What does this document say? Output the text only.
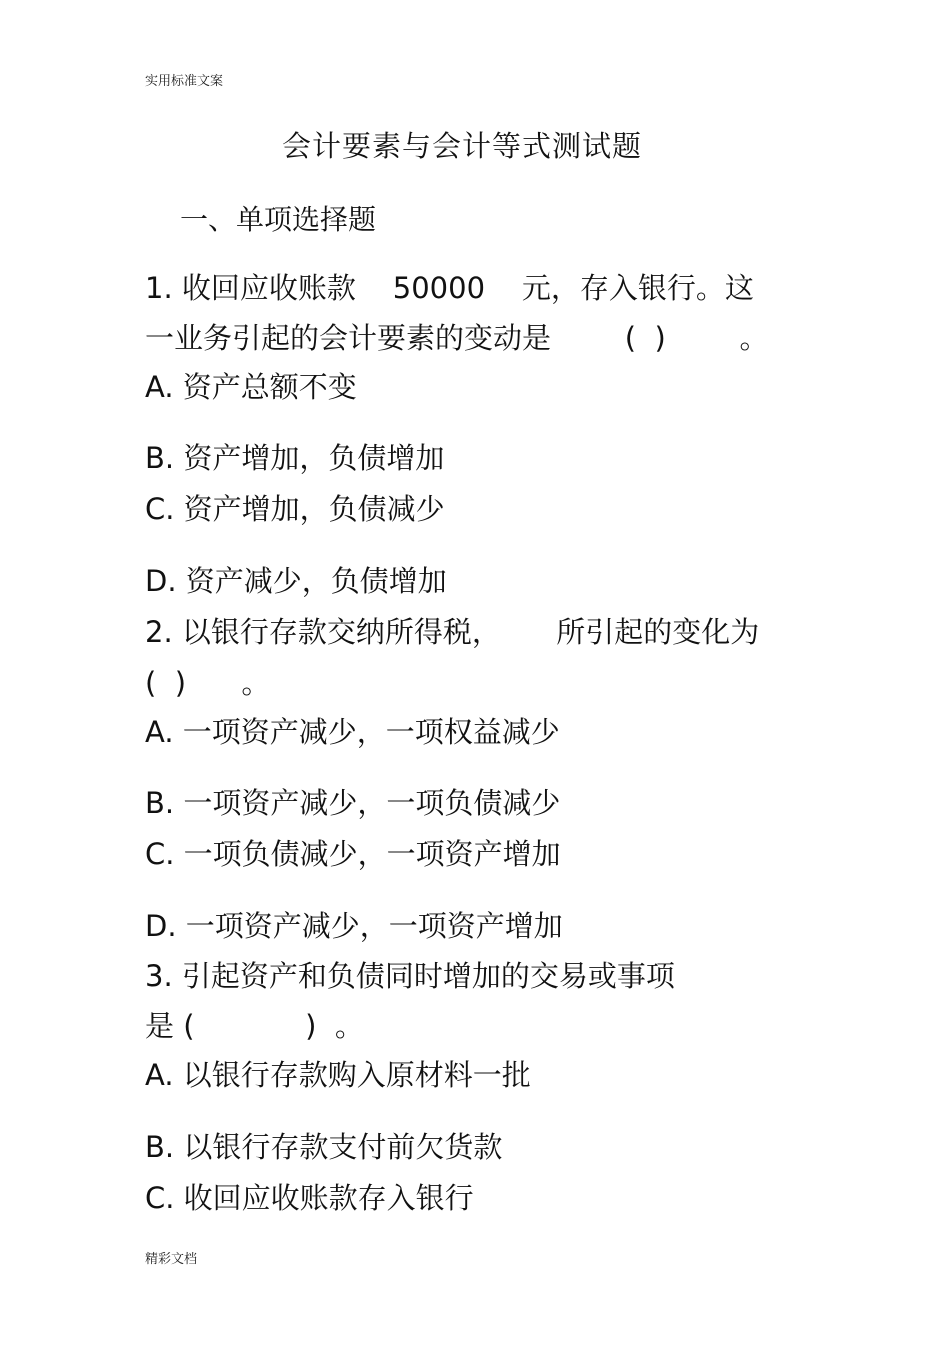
实用标准文案
会计要素与会计等式测试题
一、单项选择题
1. 收回应收账款    50000    元，存入银行。这
一业务引起的会计要素的变动是        (  )        。
A. 资产总额不变
B. 资产增加，负债增加
C. 资产增加，负债减少
D. 资产减少，负债增加
2. 以银行存款交纳所得税，      所引起的变化为
(  )      。
A. 一项资产减少，一项权益减少
B. 一项资产减少，一项负债减少
C. 一项负债减少，一项资产增加
D. 一项资产减少，一项资产增加
3. 引起资产和负债同时增加的交易或事项
是 (            )  。
A. 以银行存款购入原材料一批
B. 以银行存款支付前欠货款
C. 收回应收账款存入银行
精彩文档
